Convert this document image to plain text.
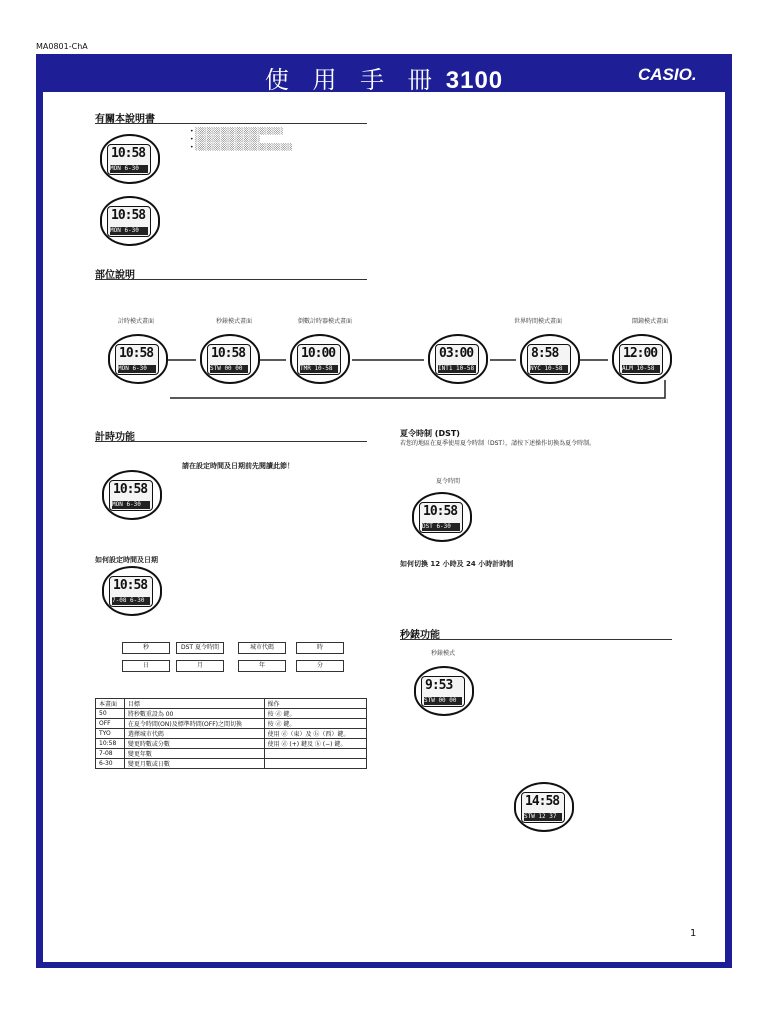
MA0801-ChA
使 用 手 冊 3100	CASIO.
有關本說明書
10:58
MON 6-30
10:58
MON 6-30
• ░░░░░░░░░░░░░░░░░░░
• ░░░░░░░░░░░░░░
• ░░░░░░░░░░░░░░░░░░░░░
部位說明
計時模式畫面	秒錶模式畫面	倒數計時器模式畫面	世界時間模式畫面	鬧鐘模式畫面
10:58
MON 6-30
10:58
STW 00 00
10:00
TMR 10-58
03:00
INT1 10-58
8:58
NYC 10-58
12:00
ALM 10-58
計時功能
請在設定時間及日期前先閱讀此節！
10:58
MON 6-30
如何設定時間及日期
10:58
7-08 6-30
秒	DST 夏令時間	城市代碼	時
分
年
月
日
本畫面	目標	操作
50	將秒數重設為 00	按 ⓓ 鍵。
OFF	在夏令時間(ON)及標準時間(OFF)之間切換	按 ⓓ 鍵。
TYO	選擇城市代碼	使用 ⓓ（東）及 ⓑ（西）鍵。
10:58	變更時數或分數	使用 ⓓ (+) 鍵及 ⓑ (−) 鍵。
7-08	變更年數	
6-30	變更月數或日數	
夏令時制 (DST)
若您的地區在夏季使用夏令時制（DST），請按下述操作切換為夏令時制。
夏令時間
10:58
DST 6-30
如何切換 12 小時及 24 小時計時制
秒錶功能
秒錶模式
9:53
STW 00 00
14:58
STW 12 37
1
